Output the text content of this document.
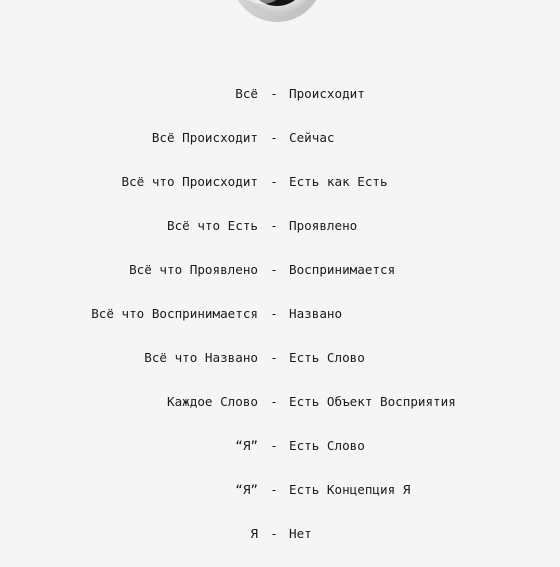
Всё - Происходит
Всё Происходит - Сейчас
Всё что Происходит - Есть как Есть
Всё что Есть - Проявлено
Всё что Проявлено - Воспринимается
Всё что Воспринимается - Названо
Всё что Названо - Есть Слово
Каждое Слово - Есть Объект Восприятия
“Я” - Есть Слово
“Я” - Есть Концепция Я
Я - Нет
